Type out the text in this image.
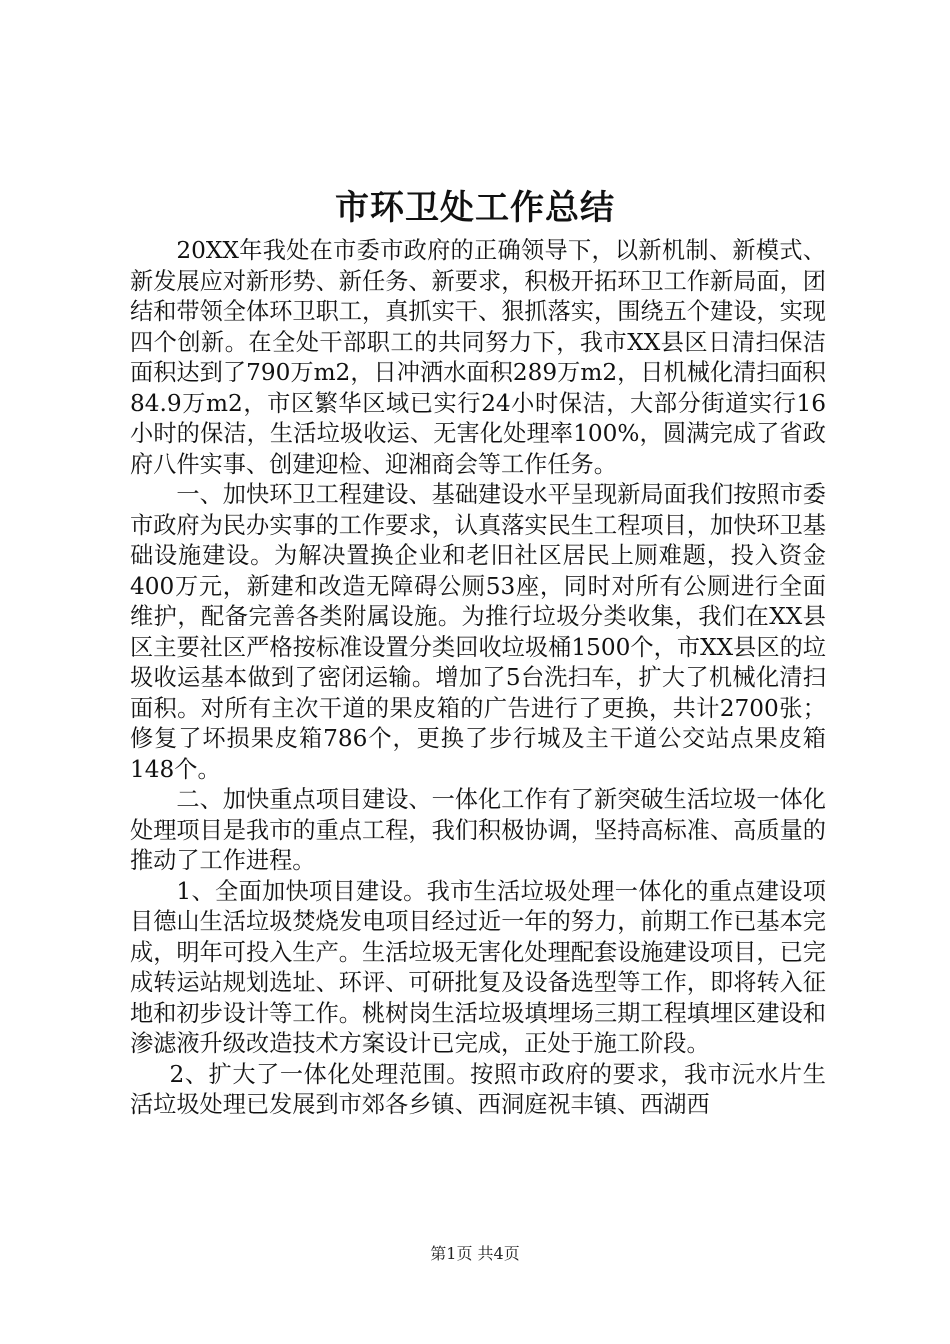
市环卫处工作总结

20XX年我处在市委市政府的正确领导下，以新机制、新模式、新发展应对新形势、新任务、新要求，积极开拓环卫工作新局面，团结和带领全体环卫职工，真抓实干、狠抓落实，围绕五个建设，实现四个创新。在全处干部职工的共同努力下，我市XX县区日清扫保洁面积达到了790万m2，日冲洒水面积289万m2，日机械化清扫面积84.9万m2，市区繁华区域已实行24小时保洁，大部分街道实行16小时的保洁，生活垃圾收运、无害化处理率100%，圆满完成了省政府八件实事、创建迎检、迎湘商会等工作任务。

一、加快环卫工程建设、基础建设水平呈现新局面我们按照市委市政府为民办实事的工作要求，认真落实民生工程项目，加快环卫基础设施建设。为解决置换企业和老旧社区居民上厕难题，投入资金400万元，新建和改造无障碍公厕53座，同时对所有公厕进行全面维护，配备完善各类附属设施。为推行垃圾分类收集，我们在XX县区主要社区严格按标准设置分类回收垃圾桶1500个，市XX县区的垃圾收运基本做到了密闭运输。增加了5台洗扫车，扩大了机械化清扫面积。对所有主次干道的果皮箱的广告进行了更换，共计2700张；修复了坏损果皮箱786个，更换了步行城及主干道公交站点果皮箱148个。

二、加快重点项目建设、一体化工作有了新突破生活垃圾一体化处理项目是我市的重点工程，我们积极协调，坚持高标准、高质量的推动了工作进程。

1、全面加快项目建设。我市生活垃圾处理一体化的重点建设项目德山生活垃圾焚烧发电项目经过近一年的努力，前期工作已基本完成，明年可投入生产。生活垃圾无害化处理配套设施建设项目，已完成转运站规划选址、环评、可研批复及设备选型等工作，即将转入征地和初步设计等工作。桃树岗生活垃圾填埋场三期工程填埋区建设和渗滤液升级改造技术方案设计已完成，正处于施工阶段。

2、扩大了一体化处理范围。按照市政府的要求，我市沅水片生活垃圾处理已发展到市郊各乡镇、西洞庭祝丰镇、西湖西

第1页 共4页
